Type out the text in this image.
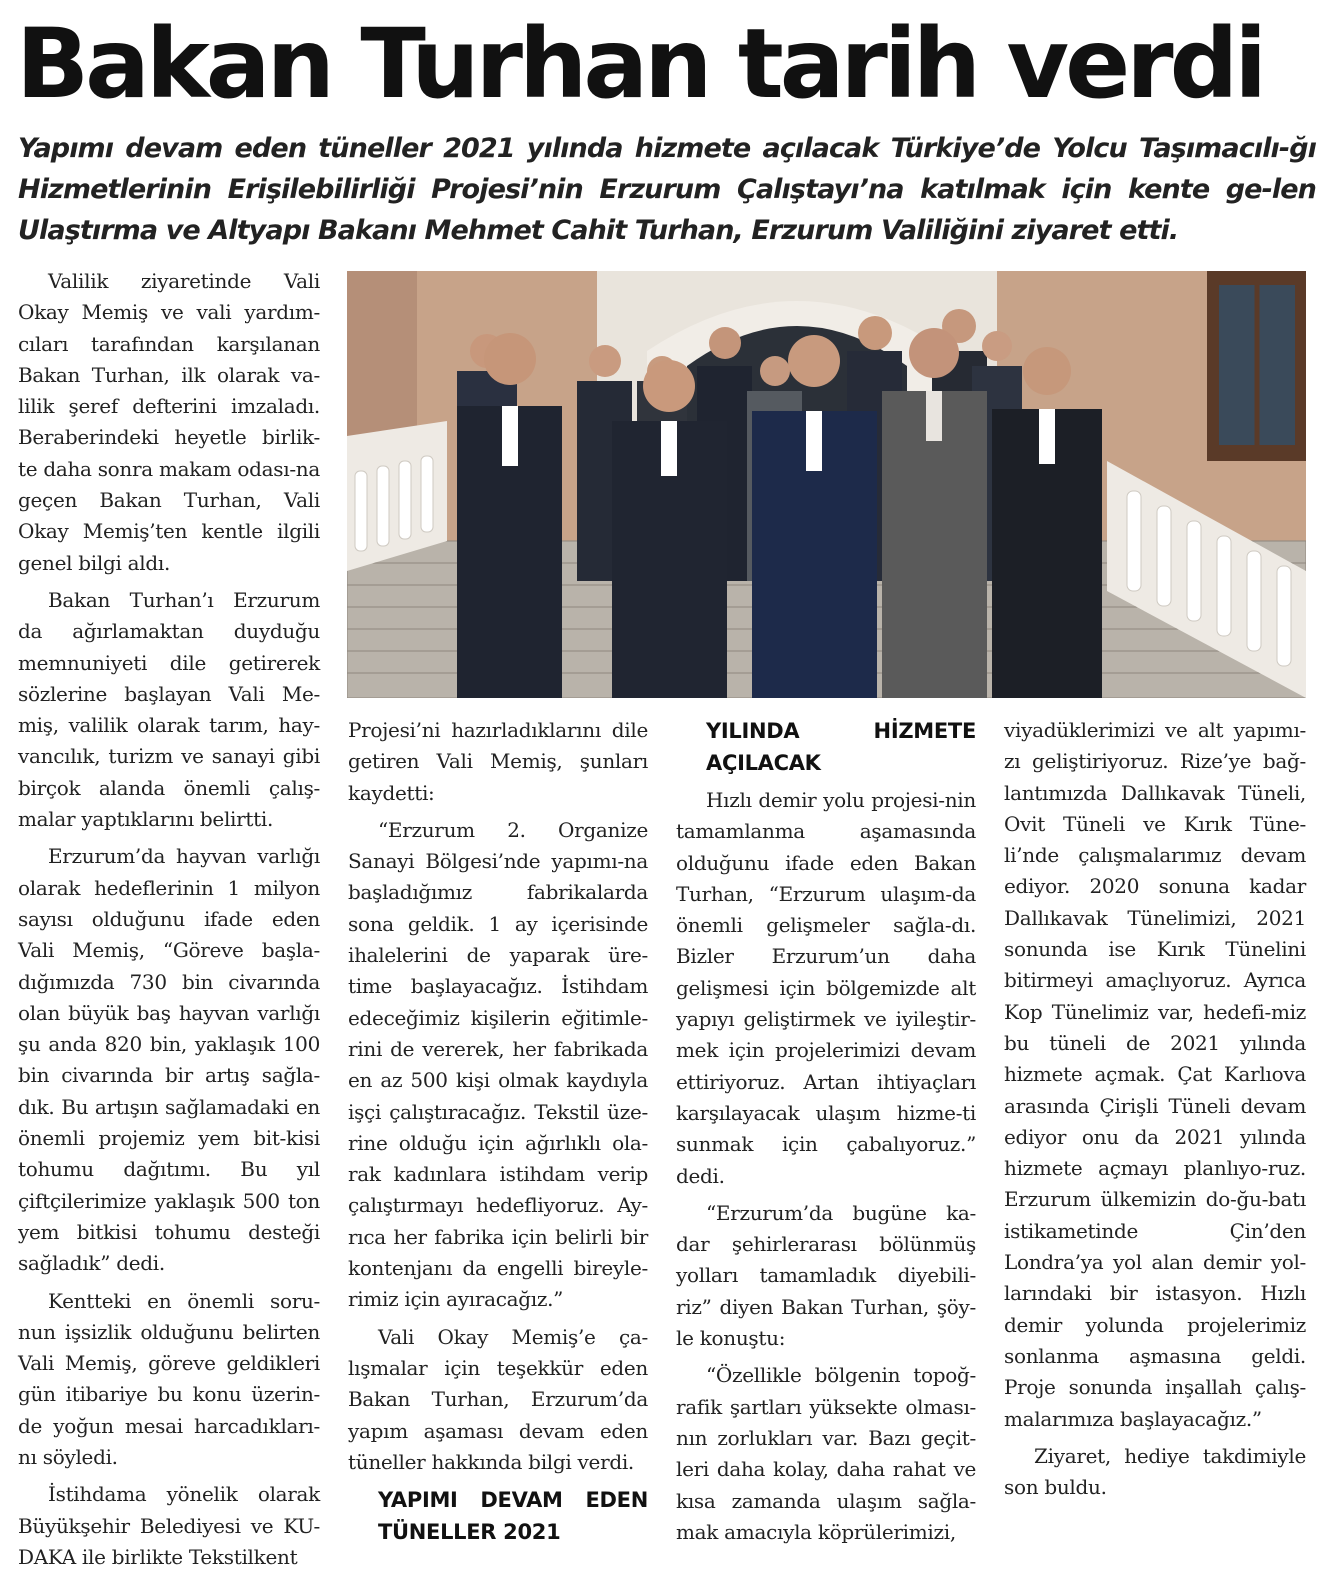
Bakan Turhan tarih verdi

Yapımı devam eden tüneller 2021 yılında hizmete açılacak Türkiye’de Yolcu Taşımacılı-ğı Hizmetlerinin Erişilebilirliği Projesi’nin Erzurum Çalıştayı’na katılmak için kente ge-len Ulaştırma ve Altyapı Bakanı Mehmet Cahit Turhan, Erzurum Valiliğini ziyaret etti.

Valilik ziyaretinde Vali Okay Memiş ve vali yardım-cıları tarafından karşılanan Bakan Turhan, ilk olarak va-lilik şeref defterini imzaladı. Beraberindeki heyetle birlik-te daha sonra makam odası-na geçen Bakan Turhan, Vali Okay Memiş’ten kentle ilgili genel bilgi aldı.

Bakan Turhan’ı Erzurum da ağırlamaktan duyduğu memnuniyeti dile getirerek sözlerine başlayan Vali Me-miş, valilik olarak tarım, hay-vancılık, turizm ve sanayi gibi birçok alanda önemli çalış-malar yaptıklarını belirtti.

Erzurum’da hayvan varlığı olarak hedeflerinin 1 milyon sayısı olduğunu ifade eden Vali Memiş, “Göreve başla-dığımızda 730 bin civarında olan büyük baş hayvan varlığı şu anda 820 bin, yaklaşık 100 bin civarında bir artış sağla-dık. Bu artışın sağlamadaki en önemli projemiz yem bit-kisi tohumu dağıtımı. Bu yıl çiftçilerimize yaklaşık 500 ton yem bitkisi tohumu desteği sağladık” dedi.

Kentteki en önemli soru-nun işsizlik olduğunu belirten Vali Memiş, göreve geldikleri gün itibariye bu konu üzerin-de yoğun mesai harcadıkları-nı söyledi.

İstihdama yönelik olarak Büyükşehir Belediyesi ve KU-DAKA ile birlikte Tekstilkent

Projesi’ni hazırladıklarını dile getiren Vali Memiş, şunları kaydetti:

“Erzurum 2. Organize Sanayi Bölgesi’nde yapımı-na başladığımız fabrikalarda sona geldik. 1 ay içerisinde ihalelerini de yaparak üre-time başlayacağız. İstihdam edeceğimiz kişilerin eğitimle-rini de vererek, her fabrikada en az 500 kişi olmak kaydıyla işçi çalıştıracağız. Tekstil üze-rine olduğu için ağırlıklı ola-rak kadınlara istihdam verip çalıştırmayı hedefliyoruz. Ay-rıca her fabrika için belirli bir kontenjanı da engelli bireyle-rimiz için ayıracağız.”

Vali Okay Memiş’e ça-lışmalar için teşekkür eden Bakan Turhan, Erzurum’da yapım aşaması devam eden tüneller hakkında bilgi verdi.

YAPIMI DEVAM EDEN TÜNELLER 2021
YILINDA HİZMETE AÇILACAK

Hızlı demir yolu projesi-nin tamamlanma aşamasında olduğunu ifade eden Bakan Turhan, “Erzurum ulaşım-da önemli gelişmeler sağla-dı. Bizler Erzurum’un daha gelişmesi için bölgemizde alt yapıyı geliştirmek ve iyileştir-mek için projelerimizi devam ettiriyoruz. Artan ihtiyaçları karşılayacak ulaşım hizme-ti sunmak için çabalıyoruz.” dedi.

“Erzurum’da bugüne ka-dar şehirlerarası bölünmüş yolları tamamladık diyebili-riz” diyen Bakan Turhan, şöy-le konuştu:

“Özellikle bölgenin topoğ-rafik şartları yüksekte olması-nın zorlukları var. Bazı geçit-leri daha kolay, daha rahat ve kısa zamanda ulaşım sağla-mak amacıyla köprülerimizi,

viyadüklerimizi ve alt yapımı-zı geliştiriyoruz. Rize’ye bağ-lantımızda Dallıkavak Tüneli, Ovit Tüneli ve Kırık Tüne-li’nde çalışmalarımız devam ediyor. 2020 sonuna kadar Dallıkavak Tünelimizi, 2021 sonunda ise Kırık Tünelini bitirmeyi amaçlıyoruz. Ayrıca Kop Tünelimiz var, hedefi-miz bu tüneli de 2021 yılında hizmete açmak. Çat Karlıova arasında Çirişli Tüneli devam ediyor onu da 2021 yılında hizmete açmayı planlıyo-ruz. Erzurum ülkemizin do-ğu-batı istikametinde Çin’den Londra’ya yol alan demir yol-larındaki bir istasyon. Hızlı demir yolunda projelerimiz sonlanma aşmasına geldi. Proje sonunda inşallah çalış-malarımıza başlayacağız.”

Ziyaret, hediye takdimiyle son buldu.
